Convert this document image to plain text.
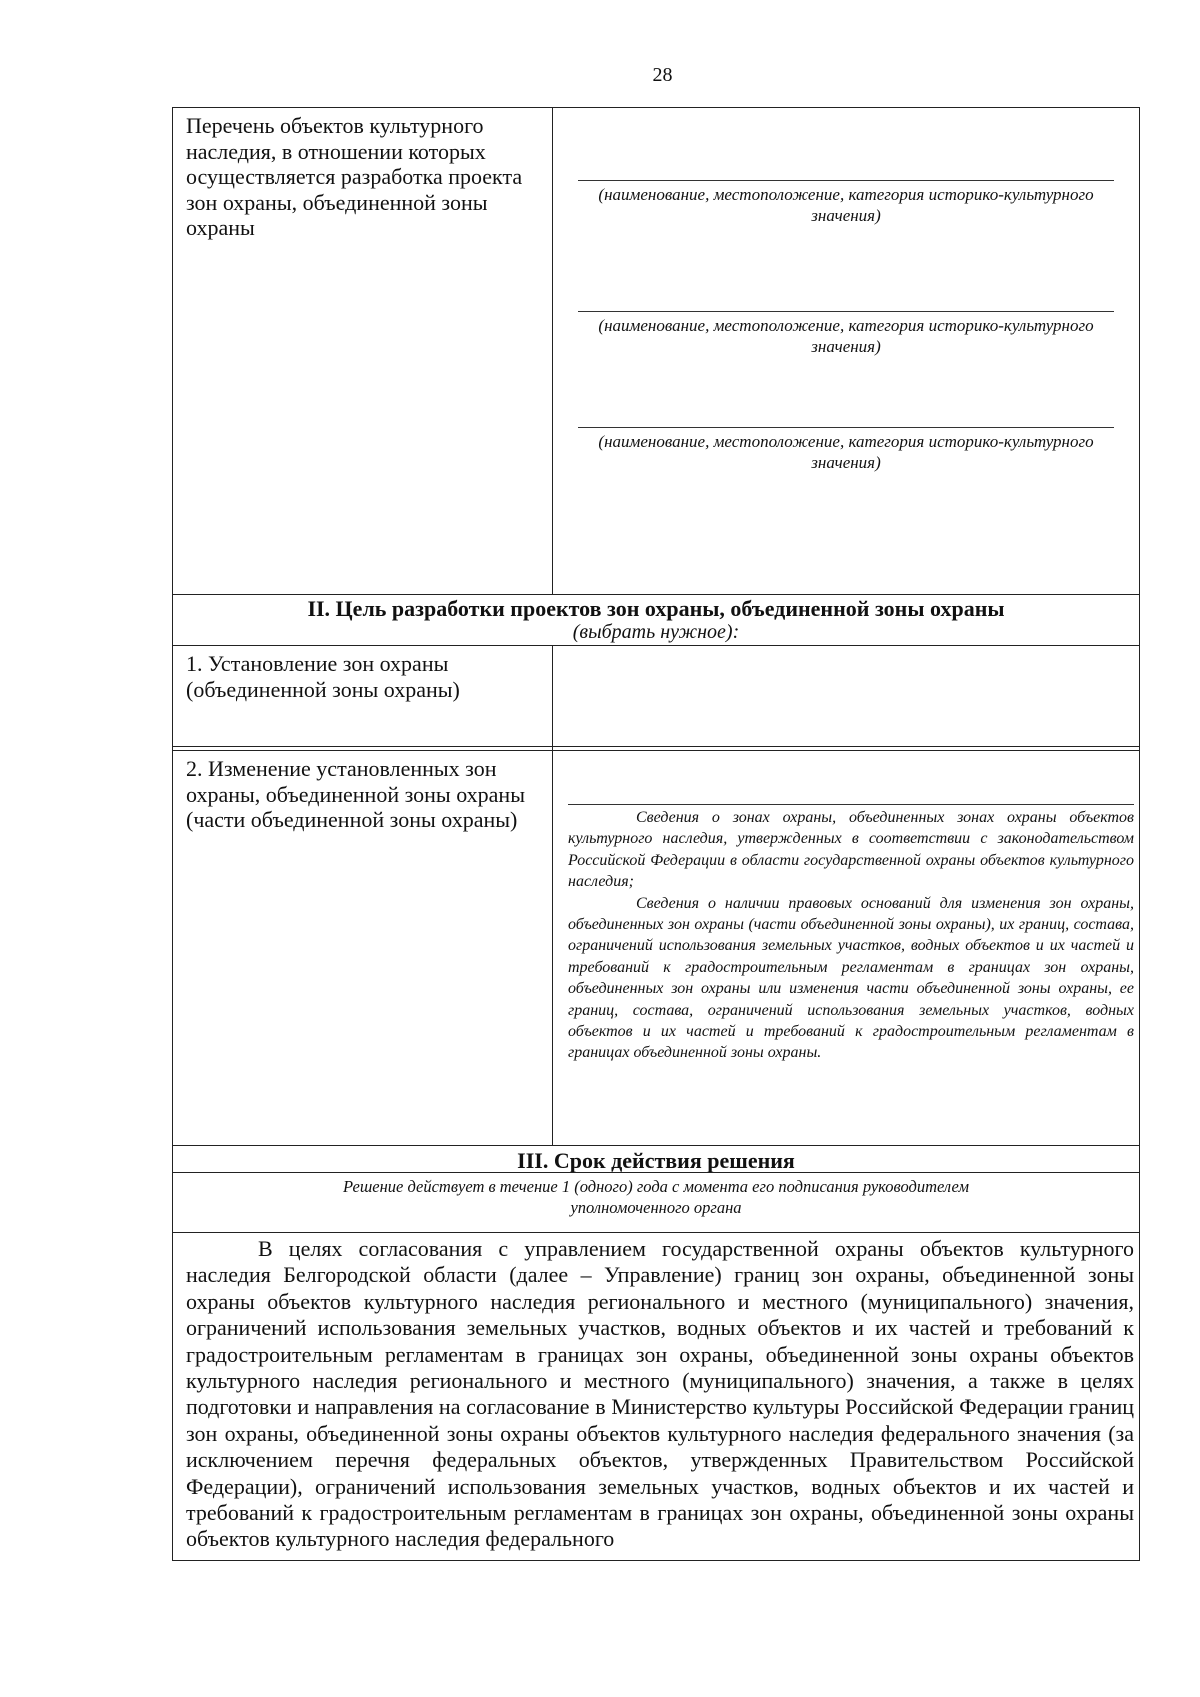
28
Перечень объектов культурного наследия, в отношении которых осуществляется разработка проекта зон охраны, объединенной зоны охраны
(наименование, местоположение, категория историко-культурного значения)
(наименование, местоположение, категория историко-культурного значения)
(наименование, местоположение, категория историко-культурного значения)
II. Цель разработки проектов зон охраны, объединенной зоны охраны
(выбрать нужное):
1. Установление зон охраны (объединенной зоны охраны)
2. Изменение установленных зон охраны, объединенной зоны охраны (части объединенной зоны охраны)	Сведения о зонах охраны, объединенных зонах охраны объектов культурного наследия, утвержденных в соответствии с законодательством Российской Федерации в области государственной охраны объектов культурного наследия;

Сведения о наличии правовых оснований для изменения зон охраны, объединенных зон охраны (части объединенной зоны охраны), их границ, состава, ограничений использования земельных участков, водных объектов и их частей и требований к градостроительным регламентам в границах зон охраны, объединенных зон охраны или изменения части объединенной зоны охраны, ее границ, состава, ограничений использования земельных участков, водных объектов и их частей и требований к градостроительным регламентам в границах объединенной зоны охраны.

III. Срок действия решения
Решение действует в течение 1 (одного) года с момента его подписания руководителем уполномоченного органа
В целях согласования с управлением государственной охраны объектов культурного наследия Белгородской области (далее – Управление) границ зон охраны, объединенной зоны охраны объектов культурного наследия регионального и местного (муниципального) значения, ограничений использования земельных участков, водных объектов и их частей и требований к градостроительным регламентам в границах зон охраны, объединенной зоны охраны объектов культурного наследия регионального и местного (муниципального) значения, а также в целях подготовки и направления на согласование в Министерство культуры Российской Федерации границ зон охраны, объединенной зоны охраны объектов культурного наследия федерального значения (за исключением перечня федеральных объектов, утвержденных Правительством Российской Федерации), ограничений использования земельных участков, водных объектов и их частей и требований к градостроительным регламентам в границах зон охраны, объединенной зоны охраны объектов культурного наследия федерального
